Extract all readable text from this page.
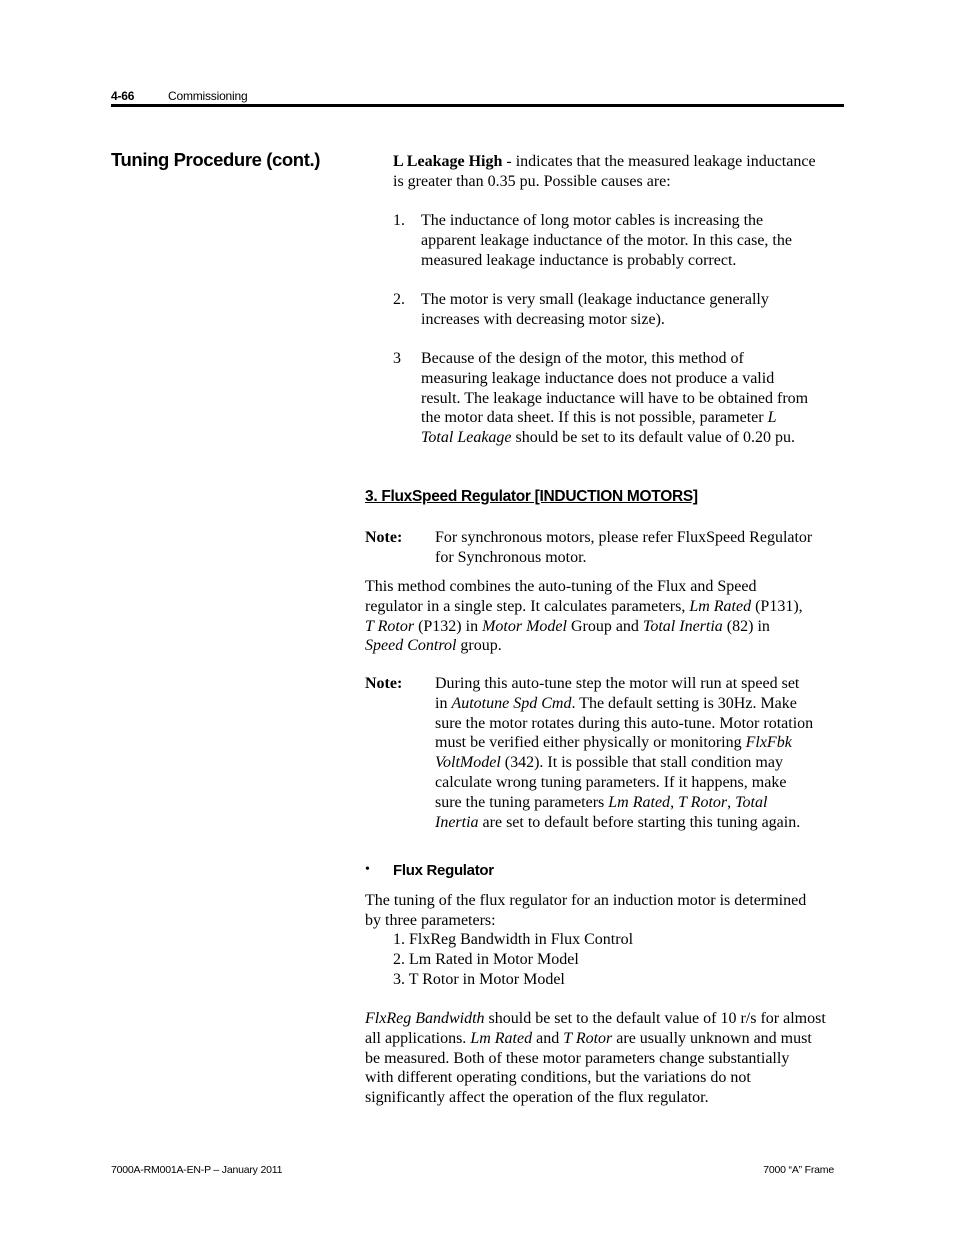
4-66	Commissioning
Tuning Procedure (cont.)	L Leakage High - indicates that the measured leakage inductance
is greater than 0.35 pu. Possible causes are:
1. The inductance of long motor cables is increasing the
apparent leakage inductance of the motor. In this case, the
measured leakage inductance is probably correct.
2. The motor is very small (leakage inductance generally
increases with decreasing motor size).
3 Because of the design of the motor, this method of
measuring leakage inductance does not produce a valid
result. The leakage inductance will have to be obtained from
the motor data sheet. If this is not possible, parameter L
Total Leakage should be set to its default value of 0.20 pu.
3. FluxSpeed Regulator [INDUCTION MOTORS]
Note: For synchronous motors, please refer FluxSpeed Regulator
for Synchronous motor.
This method combines the auto-tuning of the Flux and Speed
regulator in a single step. It calculates parameters, Lm Rated (P131),
T Rotor (P132) in Motor Model Group and Total Inertia (82) in
Speed Control group.
Note: During this auto-tune step the motor will run at speed set
in Autotune Spd Cmd. The default setting is 30Hz. Make
sure the motor rotates during this auto-tune. Motor rotation
must be verified either physically or monitoring FlxFbk
VoltModel (342). It is possible that stall condition may
calculate wrong tuning parameters. If it happens, make
sure the tuning parameters Lm Rated, T Rotor, Total
Inertia are set to default before starting this tuning again.
• Flux Regulator
The tuning of the flux regulator for an induction motor is determined
by three parameters:
1. FlxReg Bandwidth in Flux Control
2. Lm Rated in Motor Model
3. T Rotor in Motor Model
FlxReg Bandwidth should be set to the default value of 10 r/s for almost
all applications. Lm Rated and T Rotor are usually unknown and must
be measured. Both of these motor parameters change substantially
with different operating conditions, but the variations do not
significantly affect the operation of the flux regulator.
7000A-RM001A-EN-P – January 2011	7000 “A” Frame
